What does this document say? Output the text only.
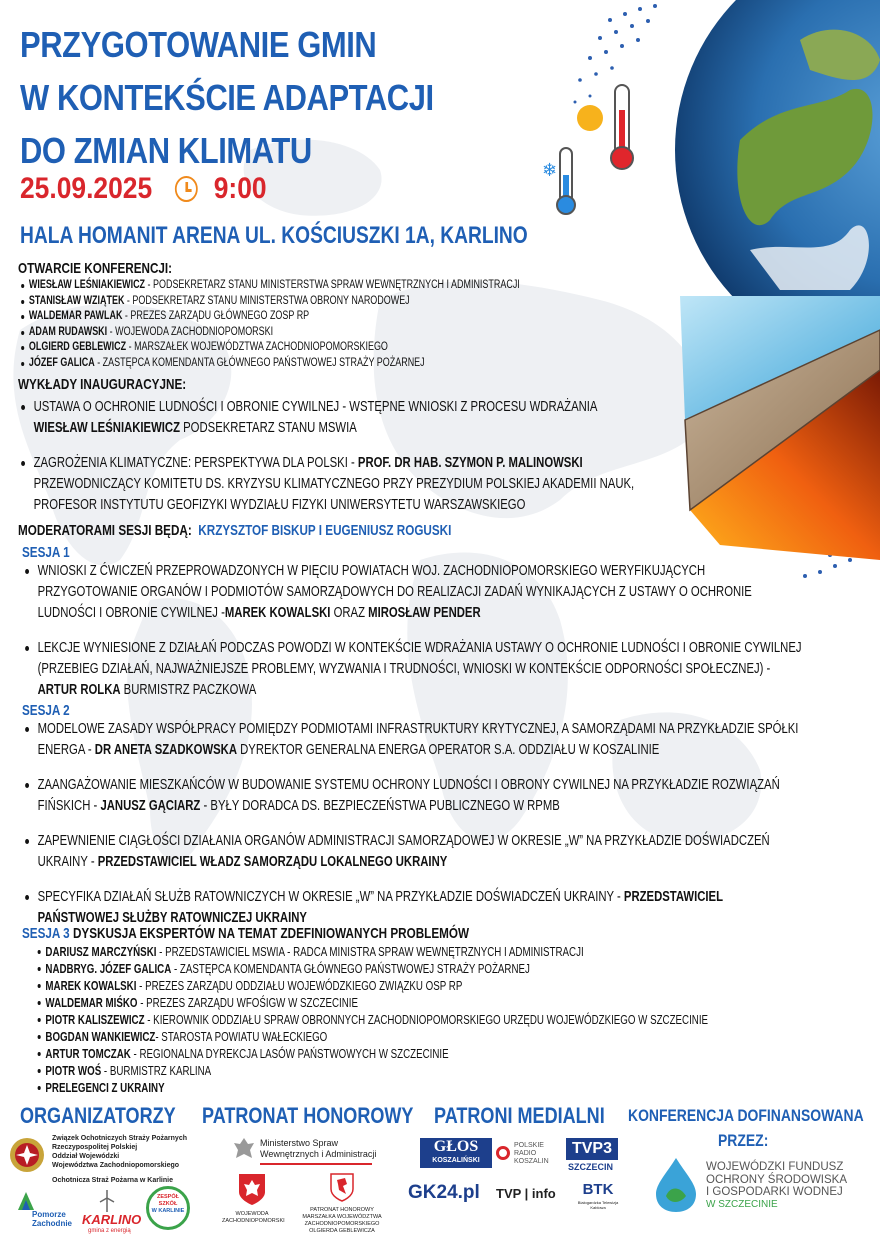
❄
PRZYGOTOWANIE GMIN
W KONTEKŚCIE ADAPTACJI
DO ZMIAN KLIMATU
25.09.2025 9:00
HALA HOMANIT ARENA UL. KOŚCIUSZKI 1A, KARLINO
OTWARCIE KONFERENCJI:
WIESŁAW LEŚNIAKIEWICZ - PODSEKRETARZ STANU MINISTERSTWA SPRAW WEWNĘTRZNYCH I ADMINISTRACJI
STANISŁAW WZIĄTEK - PODSEKRETARZ STANU MINISTERSTWA OBRONY NARODOWEJ
WALDEMAR PAWLAK - PREZES ZARZĄDU GŁÓWNEGO ZOSP RP
ADAM RUDAWSKI - WOJEWODA ZACHODNIOPOMORSKI
OLGIERD GEBLEWICZ - MARSZAŁEK WOJEWÓDZTWA ZACHODNIOPOMORSKIEGO
JÓZEF GALICA - ZASTĘPCA KOMENDANTA GŁÓWNEGO PAŃSTWOWEJ STRAŻY POŻARNEJ
WYKŁADY INAUGURACYJNE:
USTAWA O OCHRONIE LUDNOŚCI I OBRONIE CYWILNEJ - WSTĘPNE WNIOSKI Z PROCESU WDRAŻANIA
WIESŁAW LEŚNIAKIEWICZ PODSEKRETARZ STANU MSWIA
ZAGROŻENIA KLIMATYCZNE: PERSPEKTYWA DLA POLSKI - PROF. DR HAB. SZYMON P. MALINOWSKI
PRZEWODNICZĄCY KOMITETU DS. KRYZYSU KLIMATYCZNEGO PRZY PREZYDIUM POLSKIEJ AKADEMII NAUK,
PROFESOR INSTYTUTU GEOFIZYKI WYDZIAŁU FIZYKI UNIWERSYTETU WARSZAWSKIEGO
MODERATORAMI SESJI BĘDĄ: KRZYSZTOF BISKUP I EUGENIUSZ ROGUSKI
SESJA 1
WNIOSKI Z ĆWICZEŃ PRZEPROWADZONYCH W PIĘCIU POWIATACH WOJ. ZACHODNIOPOMORSKIEGO WERYFIKUJĄCYCH
PRZYGOTOWANIE ORGANÓW I PODMIOTÓW SAMORZĄDOWYCH DO REALIZACJI ZADAŃ WYNIKAJĄCYCH Z USTAWY O OCHRONIE
LUDNOŚCI I OBRONIE CYWILNEJ -MAREK KOWALSKI ORAZ MIROSŁAW PENDER
LEKCJE WYNIESIONE Z DZIAŁAŃ PODCZAS POWODZI W KONTEKŚCIE WDRAŻANIA USTAWY O OCHRONIE LUDNOŚCI I OBRONIE CYWILNEJ
(PRZEBIEG DZIAŁAŃ, NAJWAŻNIEJSZE PROBLEMY, WYZWANIA I TRUDNOŚCI, WNIOSKI W KONTEKŚCIE ODPORNOŚCI SPOŁECZNEJ) -
ARTUR ROLKA BURMISTRZ PACZKOWA
SESJA 2
MODELOWE ZASADY WSPÓŁPRACY POMIĘDZY PODMIOTAMI INFRASTRUKTURY KRYTYCZNEJ, A SAMORZĄDAMI NA PRZYKŁADZIE SPÓŁKI
ENERGA - DR ANETA SZADKOWSKA DYREKTOR GENERALNA ENERGA OPERATOR S.A. ODDZIAŁU W KOSZALINIE
ZAANGAŻOWANIE MIESZKAŃCÓW W BUDOWANIE SYSTEMU OCHRONY LUDNOŚCI I OBRONY CYWILNEJ NA PRZYKŁADZIE ROZWIĄZAŃ
FIŃSKICH - JANUSZ GĄCIARZ - BYŁY DORADCA DS. BEZPIECZEŃSTWA PUBLICZNEGO W RPMB
ZAPEWNIENIE CIĄGŁOŚCI DZIAŁANIA ORGANÓW ADMINISTRACJI SAMORZĄDOWEJ W OKRESIE „W” NA PRZYKŁADZIE DOŚWIADCZEŃ
UKRAINY - PRZEDSTAWICIEL WŁADZ SAMORZĄDU LOKALNEGO UKRAINY
SPECYFIKA DZIAŁAŃ SŁUŻB RATOWNICZYCH W OKRESIE „W” NA PRZYKŁADZIE DOŚWIADCZEŃ UKRAINY - PRZEDSTAWICIEL
PAŃSTWOWEJ SŁUŻBY RATOWNICZEJ UKRAINY
SESJA 3 DYSKUSJA EKSPERTÓW NA TEMAT ZDEFINIOWANYCH PROBLEMÓW
DARIUSZ MARCZYŃSKI - PRZEDSTAWICIEL MSWIA - RADCA MINISTRA SPRAW WEWNĘTRZNYCH I ADMINISTRACJI
NADBRYG. JÓZEF GALICA - ZASTĘPCA KOMENDANTA GŁÓWNEGO PAŃSTWOWEJ STRAŻY POŻARNEJ
MAREK KOWALSKI - PREZES ZARZĄDU ODDZIAŁU WOJEWÓDZKIEGO ZWIĄZKU OSP RP
WALDEMAR MIŚKO - PREZES ZARZĄDU WFOŚIGW W SZCZECINIE
PIOTR KALISZEWICZ - KIEROWNIK ODDZIAŁU SPRAW OBRONNYCH ZACHODNIOPOMORSKIEGO URZĘDU WOJEWÓDZKIEGO W SZCZECINIE
BOGDAN WANKIEWICZ- STAROSTA POWIATU WAŁECKIEGO
ARTUR TOMCZAK - REGIONALNA DYREKCJA LASÓW PAŃSTWOWYCH W SZCZECINIE
PIOTR WOŚ - BURMISTRZ KARLINA
PRELEGENCI Z UKRAINY
ORGANIZATORZY PATRONAT HONOROWY PATRONI MEDIALNI KONFERENCJA DOFINANSOWANA
PRZEZ:
Związek Ochotniczych Straży Pożarnych
Rzeczypospolitej Polskiej
Oddział Wojewódzki
Województwa Zachodniopomorskiego
Ochotnicza Straż Pożarna w Karlinie
Pomorze
Zachodnie KARLINO
gmina z energią
ZESPÓŁ
SZKÓŁ
W KARLINIE
Ministerstwo Spraw
Wewnętrznych i Administracji
WOJEWODA
ZACHODNIOPOMORSKI
PATRONAT HONOROWY
MARSZAŁKA WOJEWÓDZTWA
ZACHODNIOPOMORSKIEGO
OLGIERDA GEBLEWICZA
GŁOS
KOSZALIŃSKI
POLSKIE
RADIO
KOSZALIN
TVP3
SZCZECIN
GK24.pl	TVP | info	BTK
Białogardzka Telewizja Kablowa
WOJEWÓDZKI FUNDUSZ
OCHRONY ŚRODOWISKA
I GOSPODARKI WODNEJ
W SZCZECINIE
